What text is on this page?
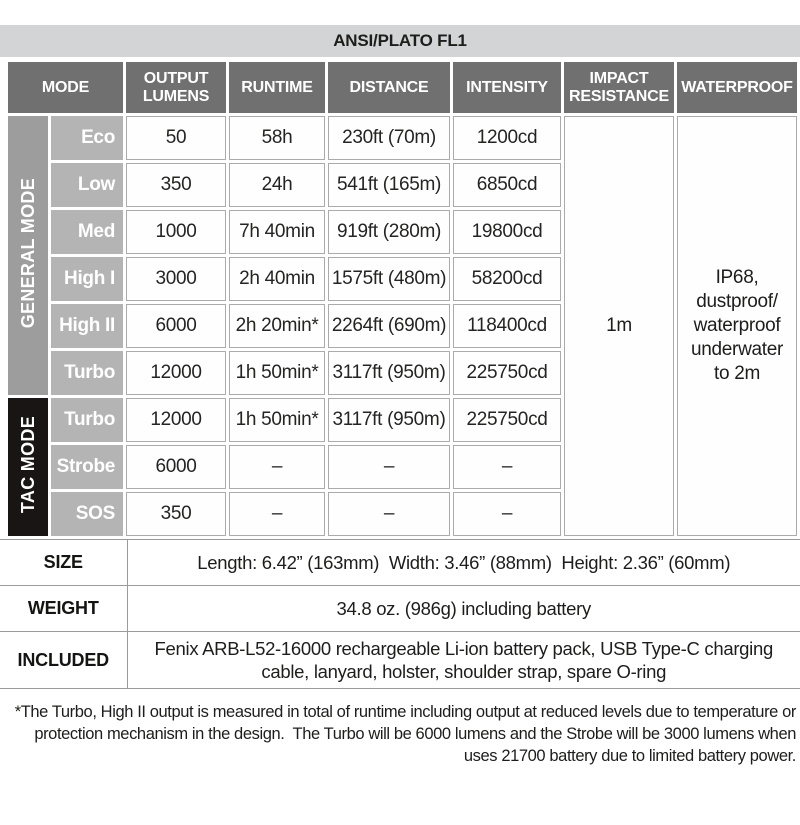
ANSI/PLATO FL1
MODE		OUTPUT LUMENS	RUNTIME	DISTANCE	INTENSITY	IMPACT RESISTANCE	WATERPROOF
GENERAL MODE	Eco	50	58h	230ft (70m)	1200cd	1m	IP68, dustproof/ waterproof underwater to 2m
	Low	350	24h	541ft (165m)	6850cd		
	Med	1000	7h 40min	919ft (280m)	19800cd		
	High I	3000	2h 40min	1575ft (480m)	58200cd		
	High II	6000	2h 20min*	2264ft (690m)	118400cd		
	Turbo	12000	1h 50min*	3117ft (950m)	225750cd		
TAC MODE	Turbo	12000	1h 50min*	3117ft (950m)	225750cd		
	Strobe	6000	–	–	–		
	SOS	350	–	–	–		
SIZE	Length: 6.42” (163mm)  Width: 3.46” (88mm)  Height: 2.36” (60mm)
WEIGHT	34.8 oz. (986g) including battery
INCLUDED	Fenix ARB-L52-16000 rechargeable Li-ion battery pack, USB Type-C charging cable, lanyard, holster, shoulder strap, spare O-ring
*The Turbo, High II output is measured in total of runtime including output at reduced levels due to temperature or protection mechanism in the design.  The Turbo will be 6000 lumens and the Strobe will be 3000 lumens when uses 21700 battery due to limited battery power.
